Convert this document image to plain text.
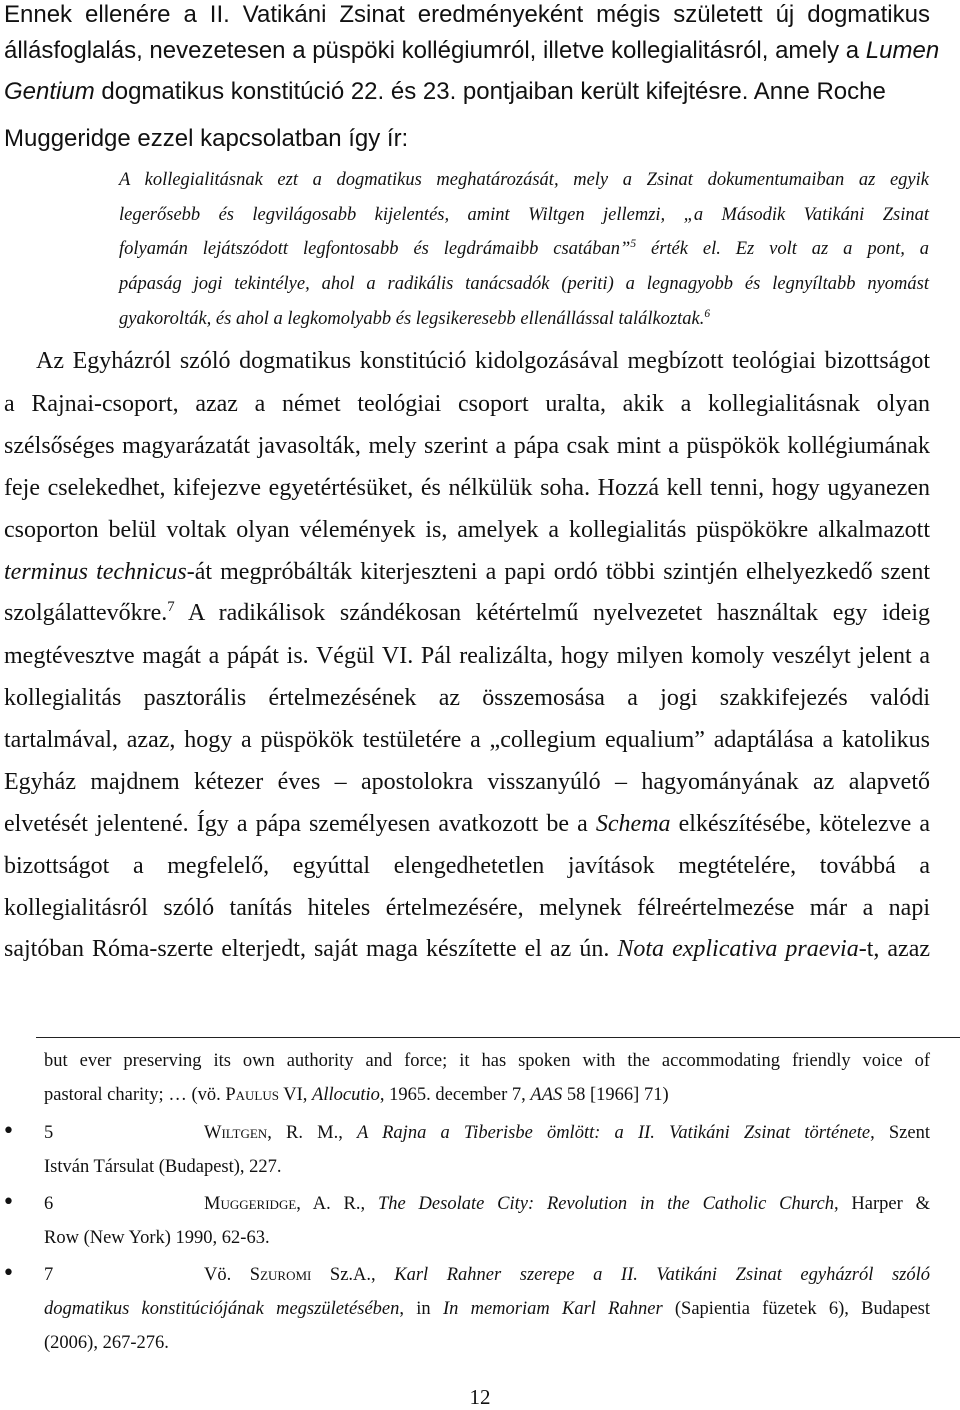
Ennek ellenére a II. Vatikáni Zsinat eredményeként mégis született új dogmatikus
állásfoglalás, nevezetesen a püspöki kollégiumról, illetve kollegialitásról, amely a Lumen
Gentium dogmatikus konstitúció 22. és 23. pontjaiban került kifejtésre. Anne Roche
Muggeridge ezzel kapcsolatban így ír:
A kollegialitásnak ezt a dogmatikus meghatározását, mely a Zsinat dokumentumaiban az egyik
legerősebb és legvilágosabb kijelentés, amint Wiltgen jellemzi, „a Második Vatikáni Zsinat
folyamán lejátszódott legfontosabb és legdrámaibb csatában”$^5$ érték el. Ez volt az a pont, a
pápaság jogi tekintélye, ahol a radikális tanácsadók (periti) a legnagyobb és legnyíltabb nyomást
gyakorolták, és ahol a legkomolyabb és legsikeresebb ellenállással találkoztak.$^6$
Az Egyházról szóló dogmatikus konstitúció kidolgozásával megbízott teológiai bizottságot
a Rajnai-csoport, azaz a német teológiai csoport uralta, akik a kollegialitásnak olyan
szélsőséges magyarázatát javasolták, mely szerint a pápa csak mint a püspökök kollégiumának
feje cselekedhet, kifejezve egyetértésüket, és nélkülük soha. Hozzá kell tenni, hogy ugyanezen
csoporton belül voltak olyan vélemények is, amelyek a kollegialitás püspökökre alkalmazott
terminus technicus-át megpróbálták kiterjeszteni a papi ordó többi szintjén elhelyezkedő szent
szolgálattevőkre.$^7$ A radikálisok szándékosan kétértelmű nyelvezetet használtak egy ideig
megtévesztve magát a pápát is. Végül VI. Pál realizálta, hogy milyen komoly veszélyt jelent a
kollegialitás pasztorális értelmezésének az összemosása a jogi szakkifejezés valódi
tartalmával, azaz, hogy a püspökök testületére a „collegium equalium” adaptálása a katolikus
Egyház majdnem kétezer éves – apostolokra visszanyúló – hagyományának az alapvető
elvetését jelentené. Így a pápa személyesen avatkozott be a Schema elkészítésébe, kötelezve a
bizottságot a megfelelő, egyúttal elengedhetetlen javítások megtételére, továbbá a
kollegialitásról szóló tanítás hiteles értelmezésére, melynek félreértelmezése már a napi
sajtóban Róma-szerte elterjedt, saját maga készítette el az ún. Nota explicativa praevia-t, azaz
but ever preserving its own authority and force; it has spoken with the accommodating friendly voice of
pastoral charity; … (vö. Paulus VI, Allocutio, 1965. december 7, AAS 58 [1966] 71)
• 5	Wiltgen, R. M., A Rajna a Tiberisbe ömlött: a II. Vatikáni Zsinat története, Szent
István Társulat (Budapest), 227.
• 6	Muggeridge, A. R., The Desolate City: Revolution in the Catholic Church, Harper &
Row (New York) 1990, 62-63.
• 7	Vö. Szuromi Sz.A., Karl Rahner szerepe a II. Vatikáni Zsinat egyházról szóló
dogmatikus konstitúciójának megszületésében, in In memoriam Karl Rahner (Sapientia füzetek 6), Budapest
(2006), 267-276.
12
